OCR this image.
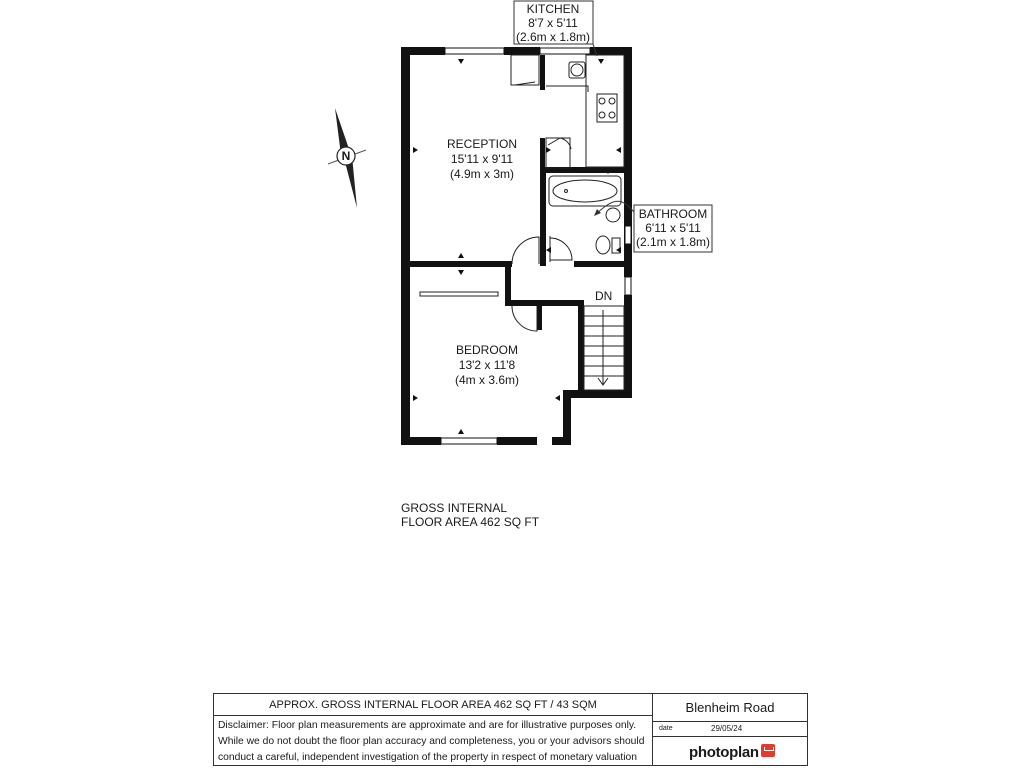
N
DN
KITCHEN
8'7 x 5'11
(2.6m x 1.8m)
BATHROOM
6'11 x 5'11
(2.1m x 1.8m)
RECEPTION
15'11 x 9'11
(4.9m x 3m)
BEDROOM
13'2 x 11'8
(4m x 3.6m)
GROSS INTERNAL
FLOOR AREA 462 SQ FT
APPROX. GROSS INTERNAL FLOOR AREA 462 SQ FT / 43 SQM
Disclaimer: Floor plan measurements are approximate and are for illustrative purposes only.
While we do not doubt the floor plan accuracy and completeness, you or your advisors should
conduct a careful, independent investigation of the property in respect of monetary valuation
Blenheim Road
date	29/05/24
photoplan
